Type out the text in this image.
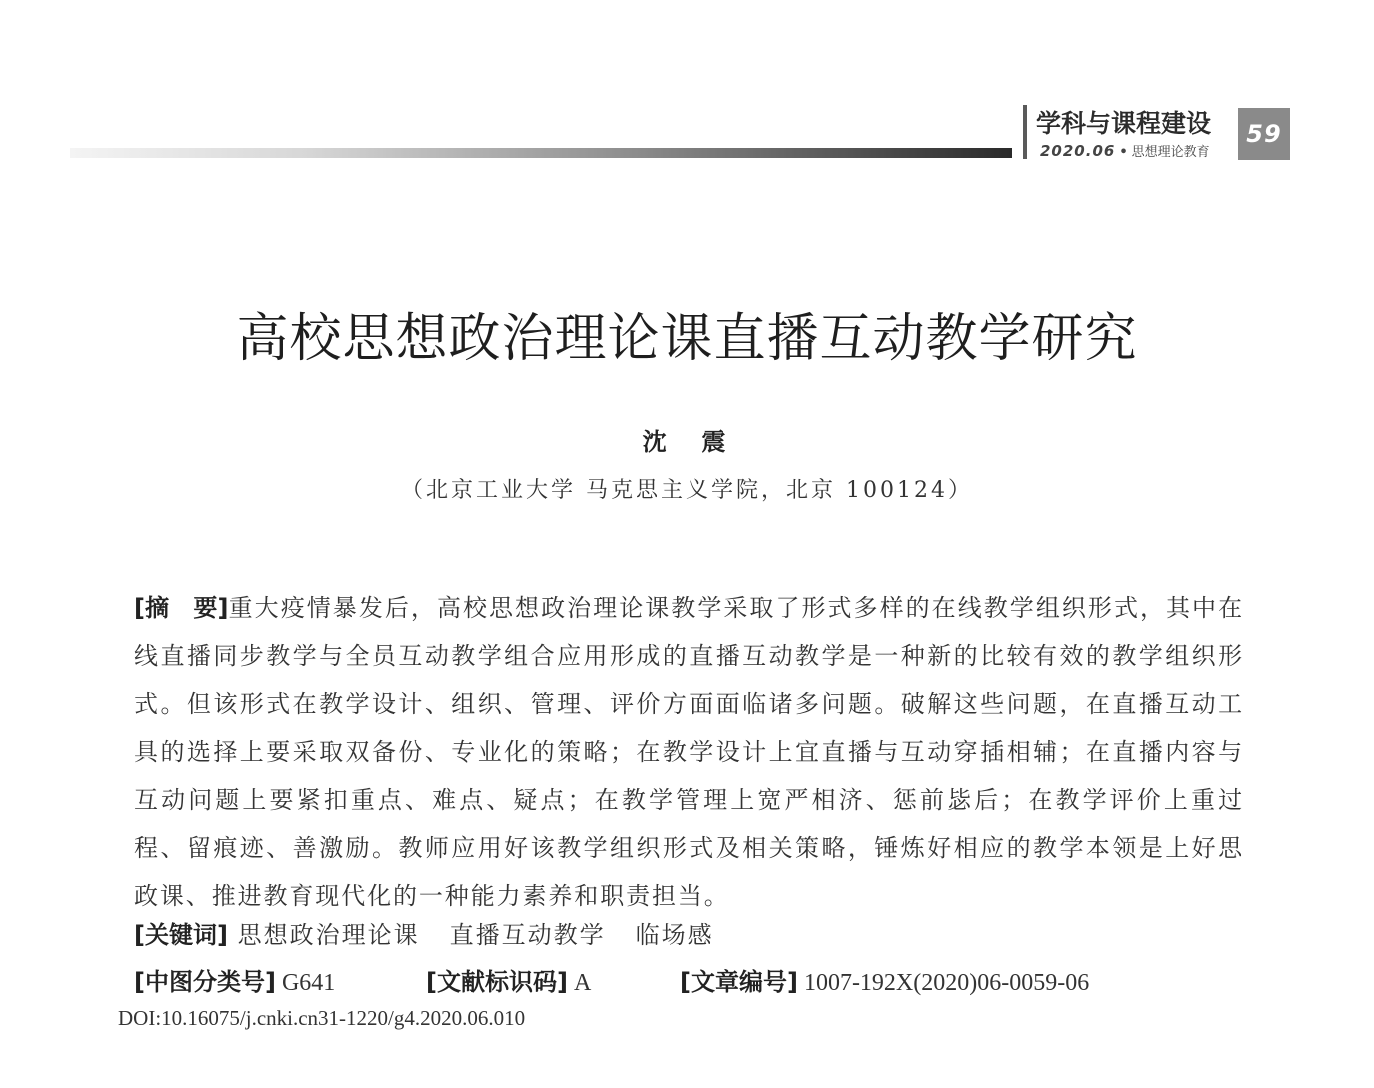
学科与课程建设
2020.06 • 思想理论教育
59
高校思想政治理论课直播互动教学研究
沈  震
（北京工业大学 马克思主义学院，北京 100124）
[摘　要]重大疫情暴发后，高校思想政治理论课教学采取了形式多样的在线教学组织形式，其中在线直播同步教学与全员互动教学组合应用形成的直播互动教学是一种新的比较有效的教学组织形式。但该形式在教学设计、组织、管理、评价方面面临诸多问题。破解这些问题，在直播互动工具的选择上要采取双备份、专业化的策略；在教学设计上宜直播与互动穿插相辅；在直播内容与互动问题上要紧扣重点、难点、疑点；在教学管理上宽严相济、惩前毖后；在教学评价上重过程、留痕迹、善激励。教师应用好该教学组织形式及相关策略，锤炼好相应的教学本领是上好思政课、推进教育现代化的一种能力素养和职责担当。
[关键词] 思想政治理论课 直播互动教学 临场感
[中图分类号] G641	[文献标识码] A	[文章编号] 1007-192X(2020)06-0059-06
DOI:10.16075/j.cnki.cn31-1220/g4.2020.06.010
